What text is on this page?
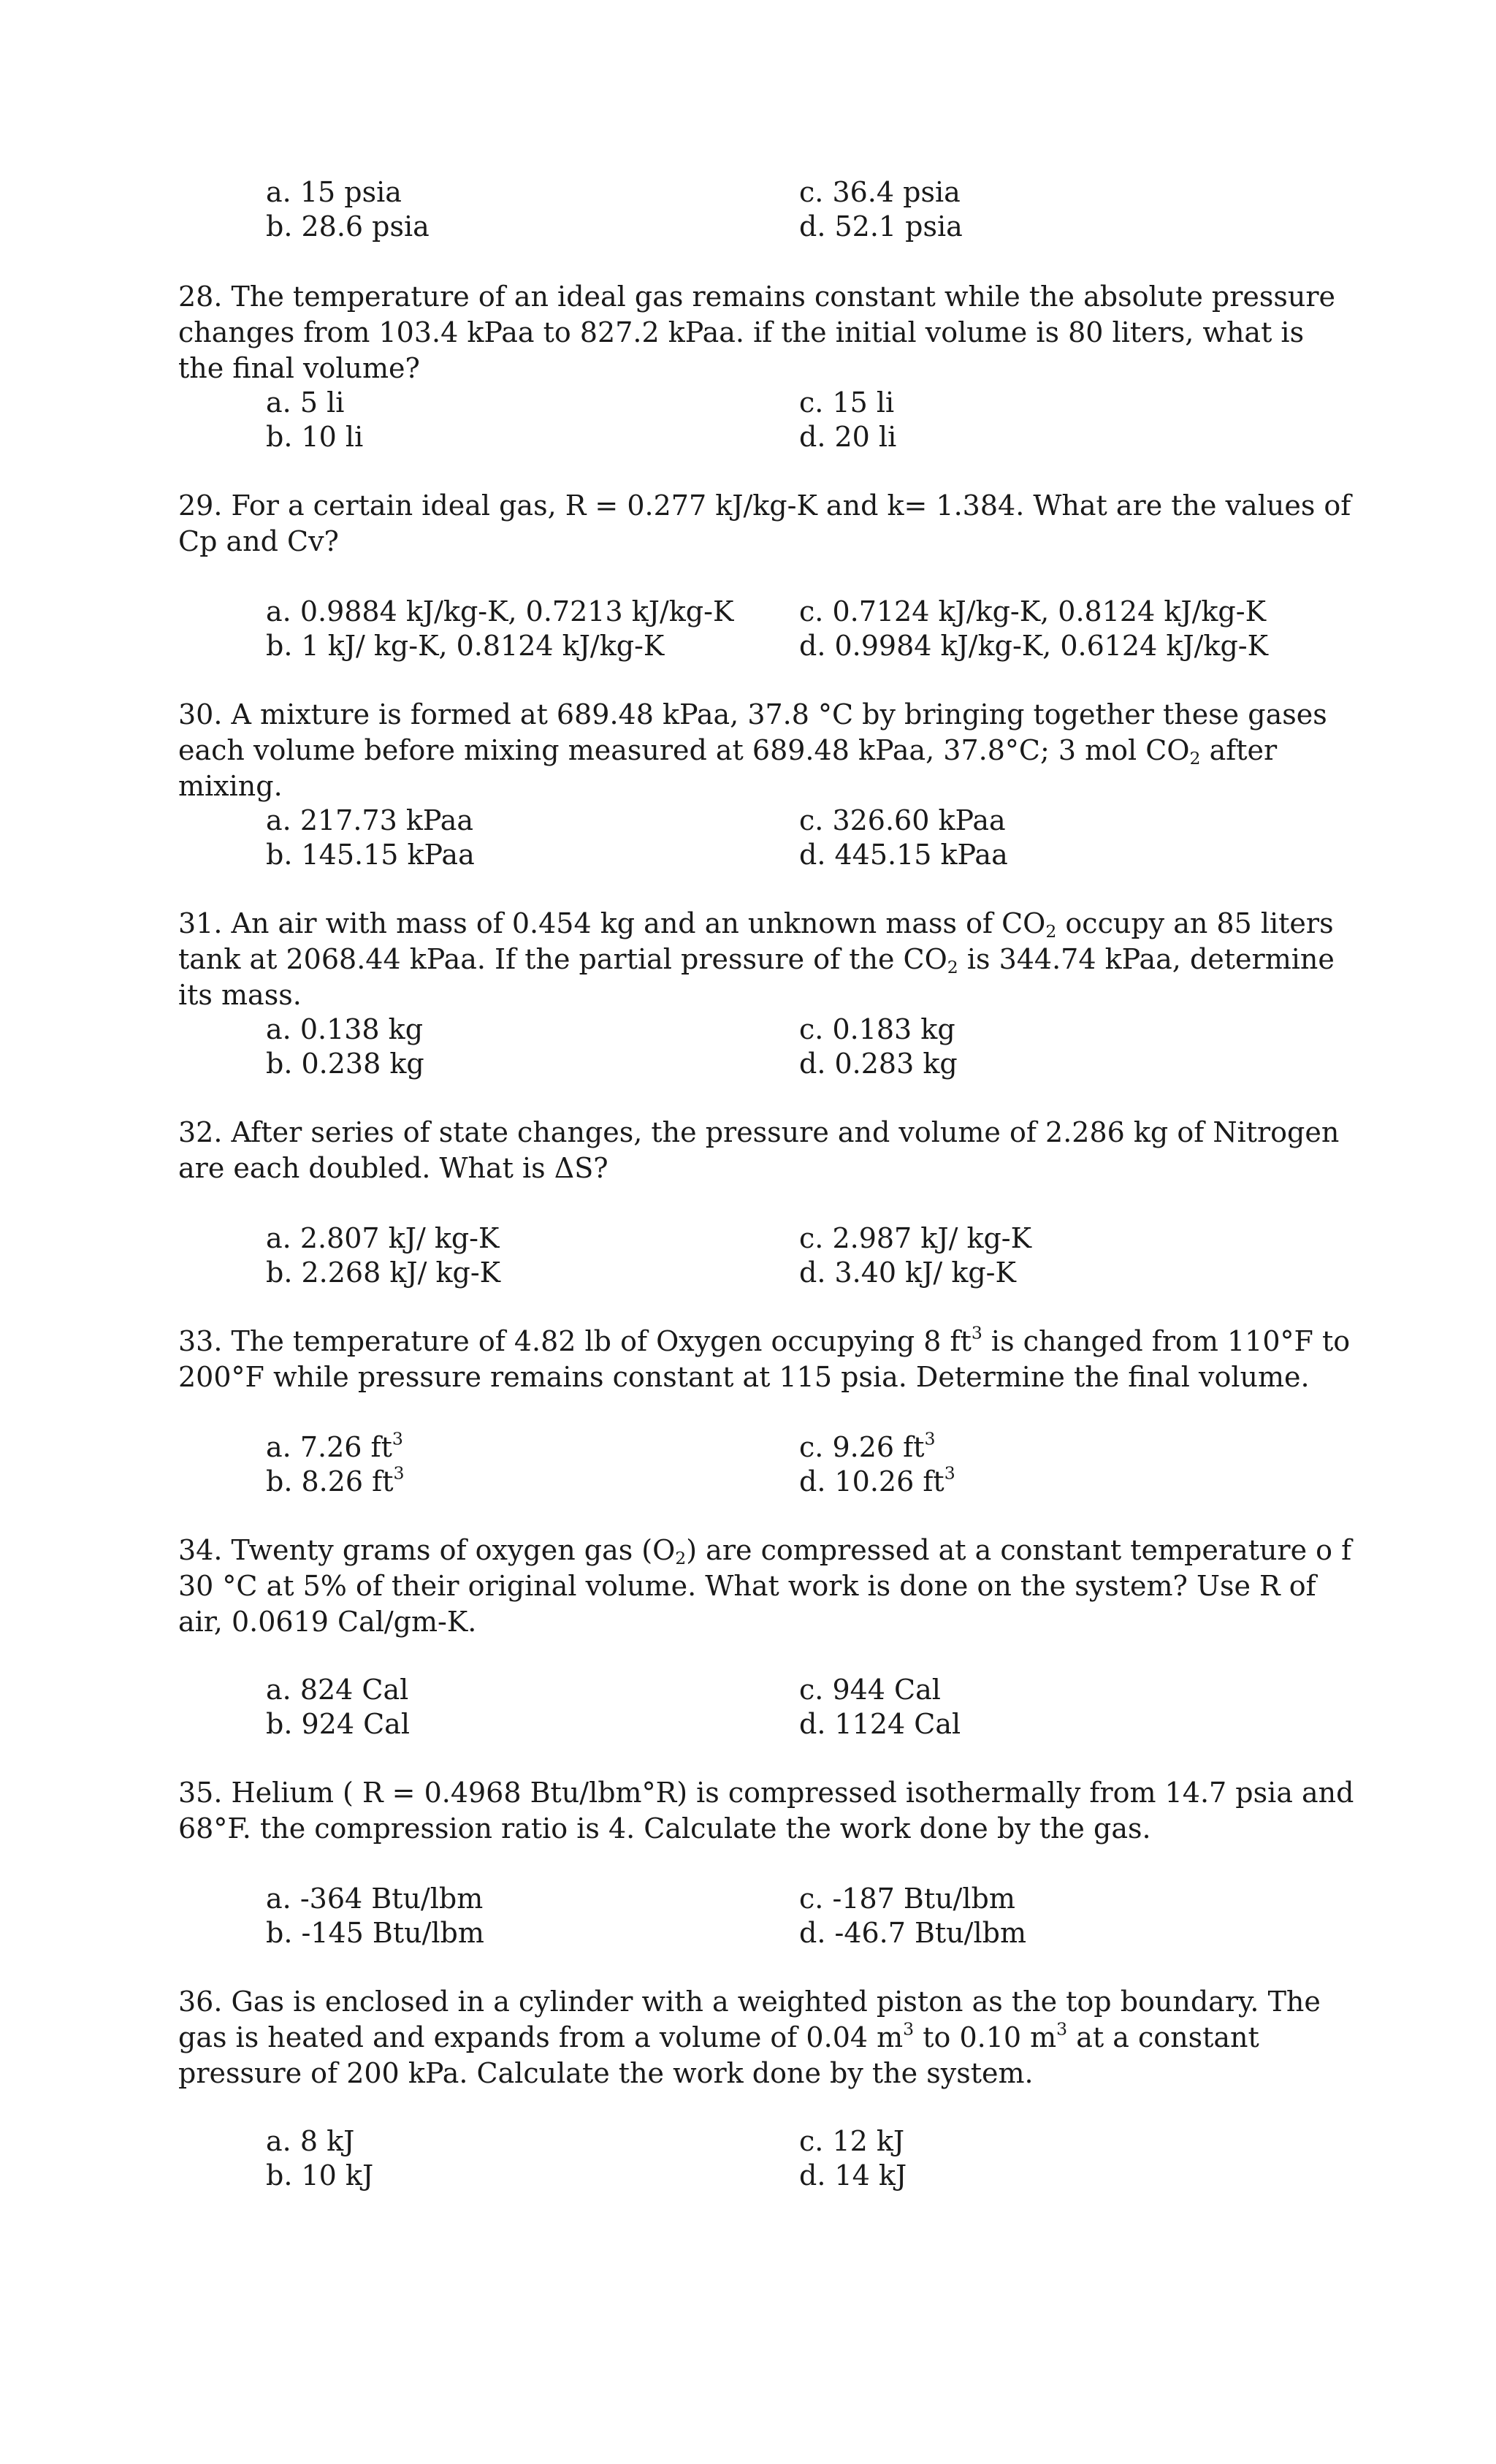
a. 15 psia	c. 36.4 psia
b. 28.6 psia	d. 52.1 psia

28. The temperature of an ideal gas remains constant while the absolute pressure changes from 103.4 kPaa to 827.2 kPaa. if the initial volume is 80 liters, what is the final volume?

a. 5 li	c. 15 li
b. 10 li	d. 20 li

29. For a certain ideal gas, R = 0.277 kJ/kg-K and k= 1.384. What are the values of Cp and Cv?

a. 0.9884 kJ/kg-K, 0.7213 kJ/kg-K c. 0.7124 kJ/kg-K, 0.8124 kJ/kg-K
b. 1 kJ/ kg-K, 0.8124 kJ/kg-K	d. 0.9984 kJ/kg-K, 0.6124 kJ/kg-K

30. A mixture is formed at 689.48 kPaa, 37.8 °C by bringing together these gases each volume before mixing measured at 689.48 kPaa, 37.8°C; 3 mol $CO_2$ after mixing.

a. 217.73 kPaa	c. 326.60 kPaa
b. 145.15 kPaa	d. 445.15 kPaa

31. An air with mass of 0.454 kg and an unknown mass of $CO_2$ occupy an 85 liters tank at 2068.44 kPaa. If the partial pressure of the $CO_2$ is 344.74 kPaa, determine its mass.

a. 0.138 kg	c. 0.183 kg
b. 0.238 kg	d. 0.283 kg

32. After series of state changes, the pressure and volume of 2.286 kg of Nitrogen are each doubled. What is ΔS?

a. 2.807 kJ/ kg-K	c. 2.987 kJ/ kg-K
b. 2.268 kJ/ kg-K	d. 3.40 kJ/ kg-K

33. The temperature of 4.82 lb of Oxygen occupying 8 $ft^3$ is changed from 110°F to 200°F while pressure remains constant at 115 psia. Determine the final volume.

a. 7.26 $ft^3$	c. 9.26 $ft^3$
b. 8.26 $ft^3$	d. 10.26 $ft^3$

34. Twenty grams of oxygen gas $(O_2)$ are compressed at a constant temperature o f 30 °C at 5% of their original volume. What work is done on the system? Use R of air, 0.0619 Cal/gm-K.

a. 824 Cal	c. 944 Cal
b. 924 Cal	d. 1124 Cal

35. Helium ( R = 0.4968 Btu/lbm°R) is compressed isothermally from 14.7 psia and 68°F. the compression ratio is 4. Calculate the work done by the gas.

a. -364 Btu/lbm	c. -187 Btu/lbm
b. -145 Btu/lbm	d. -46.7 Btu/lbm

36. Gas is enclosed in a cylinder with a weighted piston as the top boundary. The gas is heated and expands from a volume of 0.04 $m^3$ to 0.10 $m^3$ at a constant pressure of 200 kPa. Calculate the work done by the system.

a. 8 kJ	c. 12 kJ
b. 10 kJ	d. 14 kJ
